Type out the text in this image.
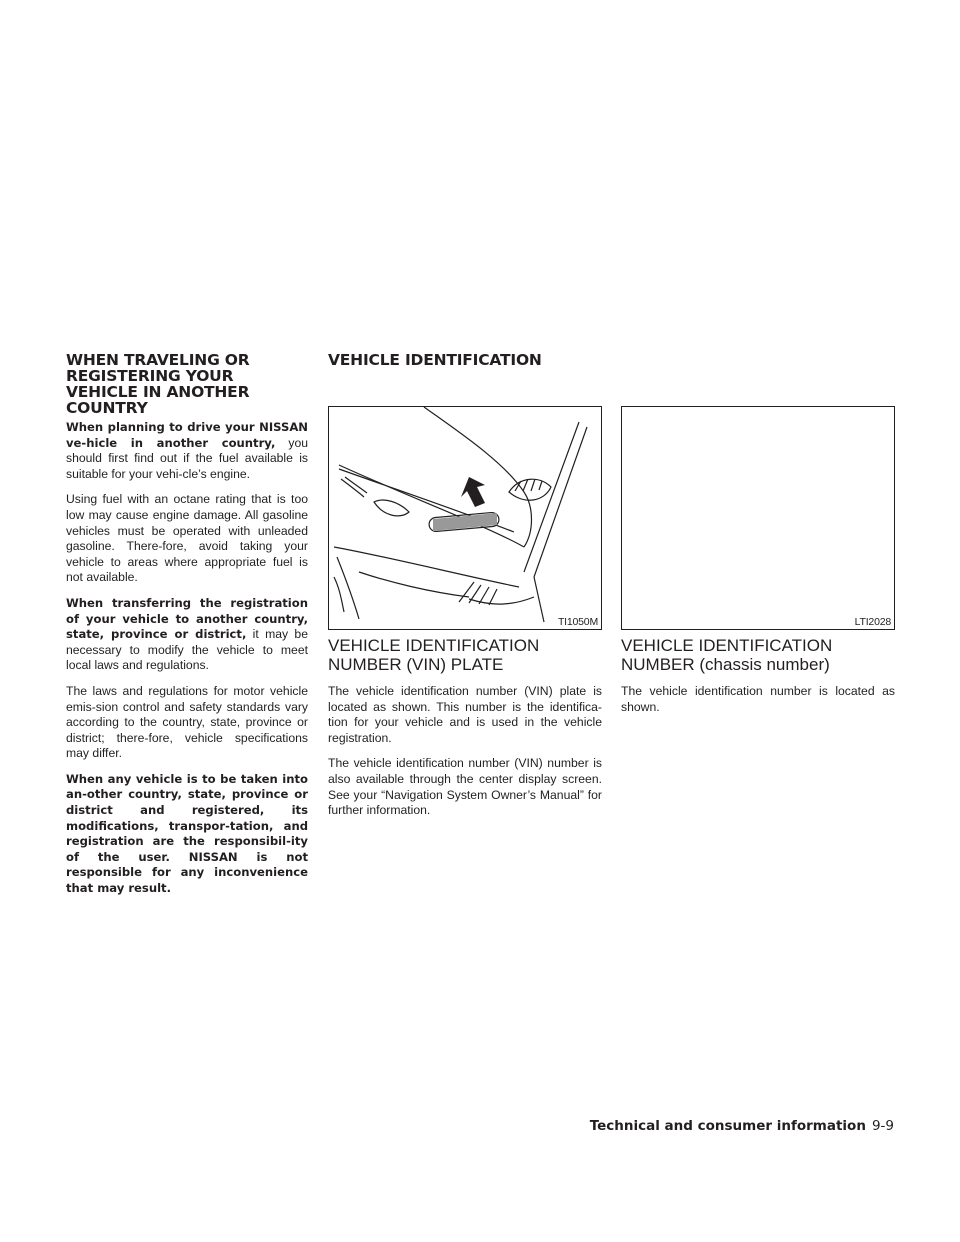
WHEN TRAVELING OR REGISTERING YOUR VEHICLE IN ANOTHER COUNTRY

When planning to drive your NISSAN ve-hicle in another country, you should first find out if the fuel available is suitable for your vehi-cle’s engine.

Using fuel with an octane rating that is too low may cause engine damage. All gasoline vehicles must be operated with unleaded gasoline. There-fore, avoid taking your vehicle to areas where appropriate fuel is not available.

When transferring the registration of your vehicle to another country, state, province or district, it may be necessary to modify the vehicle to meet local laws and regulations.

The laws and regulations for motor vehicle emis-sion control and safety standards vary according to the country, state, province or district; there-fore, vehicle specifications may differ.

When any vehicle is to be taken into an-other country, state, province or district and registered, its modifications, transpor-tation, and registration are the responsibil-ity of the user. NISSAN is not responsible for any inconvenience that may result.

VEHICLE IDENTIFICATION
TI1050M	LTI2028
VEHICLE IDENTIFICATION NUMBER (VIN) PLATE

The vehicle identification number (VIN) plate is located as shown. This number is the identifica-tion for your vehicle and is used in the vehicle registration.

The vehicle identification number (VIN) number is also available through the center display screen. See your “Navigation System Owner’s Manual” for further information.

VEHICLE IDENTIFICATION NUMBER (chassis number)

The vehicle identification number is located as shown.

Technical and consumer information 9-9
